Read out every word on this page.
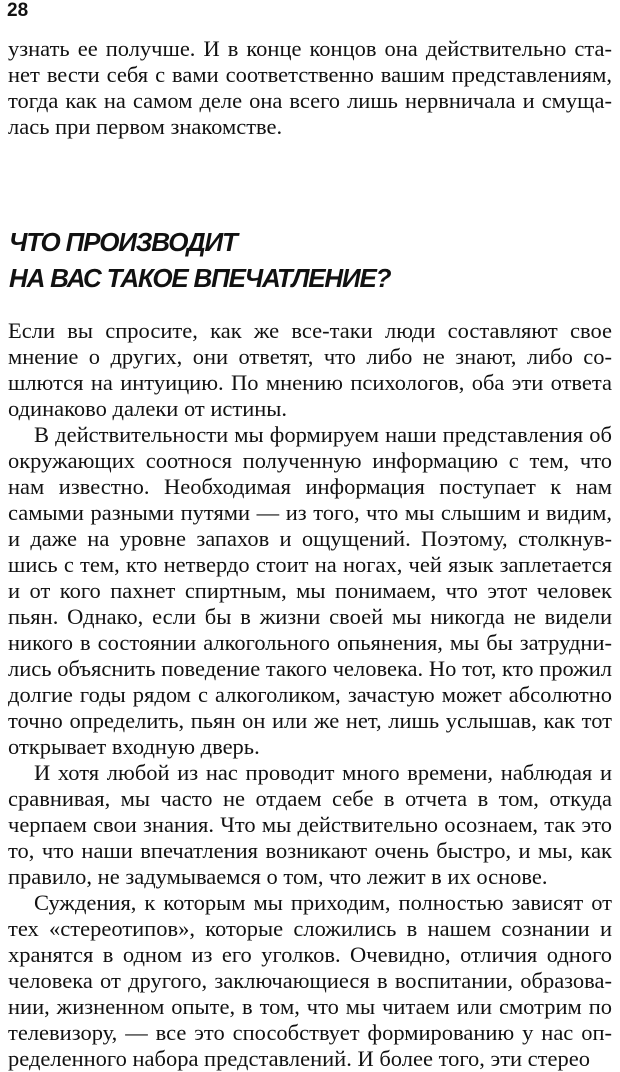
28

узнать ее получше. И в конце концов она действительно станет вести себя с вами соответственно вашим представлениям, тогда как на самом деле она всего лишь нервничала и смущалась при первом знакомстве.

ЧТО ПРОИЗВОДИТ
НА ВАС ТАКОЕ ВПЕЧАТЛЕНИЕ?

Если вы спросите, как же все-таки люди составляют свое мнение о других, они ответят, что либо не знают, либо сошлются на интуицию. По мнению психологов, оба эти ответа одинаково далеки от истины.

В действительности мы формируем наши представления об окружающих соотнося полученную информацию с тем, что нам известно. Необходимая информация поступает к нам самыми разными путями — из того, что мы слышим и видим, и даже на уровне запахов и ощущений. Поэтому, столкнувшись с тем, кто нетвердо стоит на ногах, чей язык заплетается и от кого пахнет спиртным, мы понимаем, что этот человек пьян. Однако, если бы в жизни своей мы никогда не видели никого в состоянии алкогольного опьянения, мы бы затруднились объяснить поведение такого человека. Но тот, кто прожил долгие годы рядом с алкоголиком, зачастую может абсолютно точно определить, пьян он или же нет, лишь услышав, как тот открывает входную дверь.

И хотя любой из нас проводит много времени, наблюдая и сравнивая, мы часто не отдаем себе в отчета в том, откуда черпаем свои знания. Что мы действительно осознаем, так это то, что наши впечатления возникают очень быстро, и мы, как правило, не задумываемся о том, что лежит в их основе.

Суждения, к которым мы приходим, полностью зависят от тех «стереотипов», которые сложились в нашем сознании и хранятся в одном из его уголков. Очевидно, отличия одного человека от другого, заключающиеся в воспитании, образовании, жизненном опыте, в том, что мы читаем или смотрим по телевизору, — все это способствует формированию у нас определенного набора представлений. И более того, эти стерео
